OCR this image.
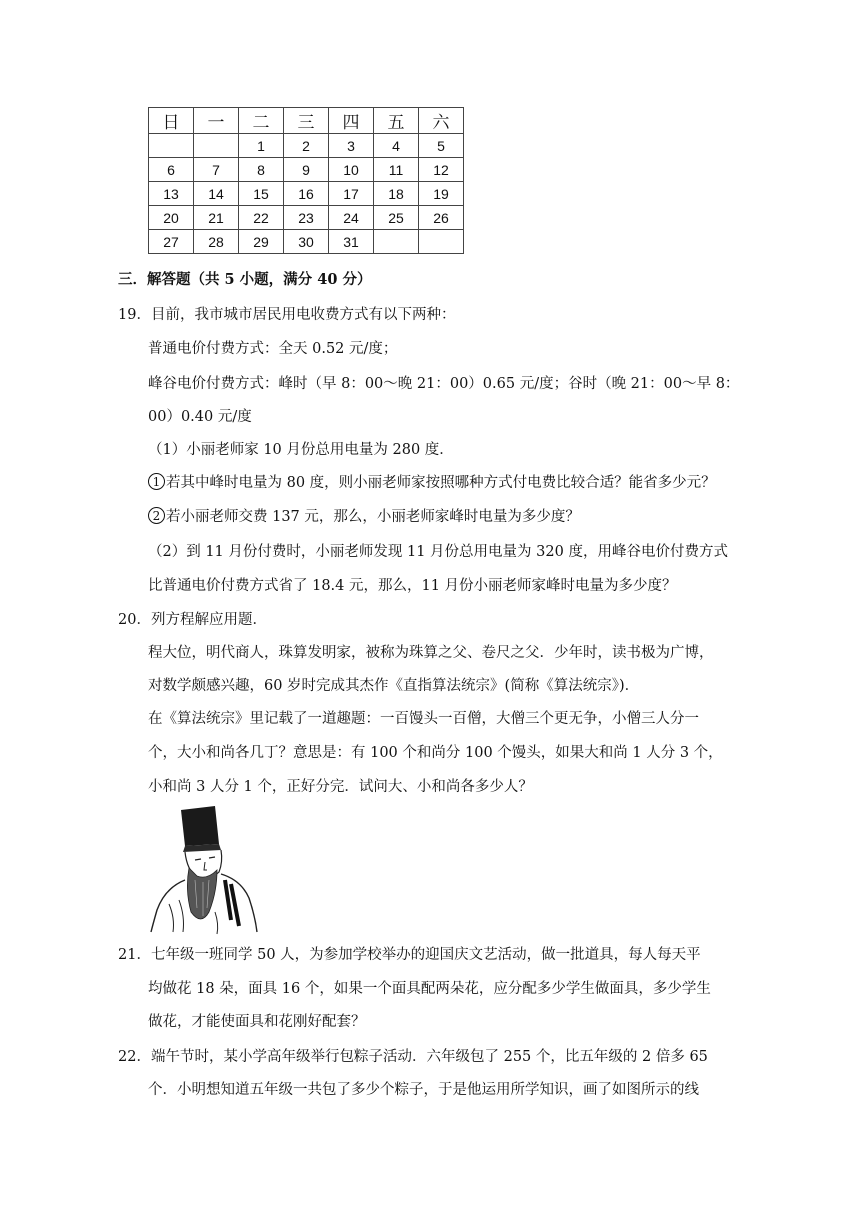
日	一	二	三	四	五	六
		1	2	3	4	5
6	7	8	9	10	11	12
13	14	15	16	17	18	19
20	21	22	23	24	25	26
27	28	29	30	31		
三．解答题（共 5 小题，满分 40 分）
19． 目前，我市城市居民用电收费方式有以下两种：
普通电价付费方式：全天 0.52 元/度；
峰谷电价付费方式：峰时（早 8：00～晚 21：00）0.65 元/度；谷时（晚 21：00～早 8：
00）0.40 元/度
（1）小丽老师家 10 月份总用电量为 280 度．
1 若其中峰时电量为 80 度，则小丽老师家按照哪种方式付电费比较合适？能省多少元？
2 若小丽老师交费 137 元，那么，小丽老师家峰时电量为多少度？
（2）到 11 月份付费时，小丽老师发现 11 月份总用电量为 320 度，用峰谷电价付费方式
比普通电价付费方式省了 18.4 元，那么，11 月份小丽老师家峰时电量为多少度？
20． 列方程解应用题．
程大位，明代商人，珠算发明家，被称为珠算之父、卷尺之父．少年时，读书极为广博，
对数学颇感兴趣，60 岁时完成其杰作《直指算法统宗》(简称《算法统宗》)．
在《算法统宗》里记载了一道趣题：一百馒头一百僧，大僧三个更无争，小僧三人分一
个，大小和尚各几丁？意思是：有 100 个和尚分 100 个馒头，如果大和尚 1 人分 3 个，
小和尚 3 人分 1 个，正好分完．试问大、小和尚各多少人？
21． 七年级一班同学 50 人，为参加学校举办的迎国庆文艺活动，做一批道具，每人每天平
均做花 18 朵，面具 16 个，如果一个面具配两朵花，应分配多少学生做面具，多少学生
做花，才能使面具和花刚好配套？
22． 端午节时，某小学高年级举行包粽子活动．六年级包了 255 个，比五年级的 2 倍多 65
个．小明想知道五年级一共包了多少个粽子，于是他运用所学知识，画了如图所示的线
